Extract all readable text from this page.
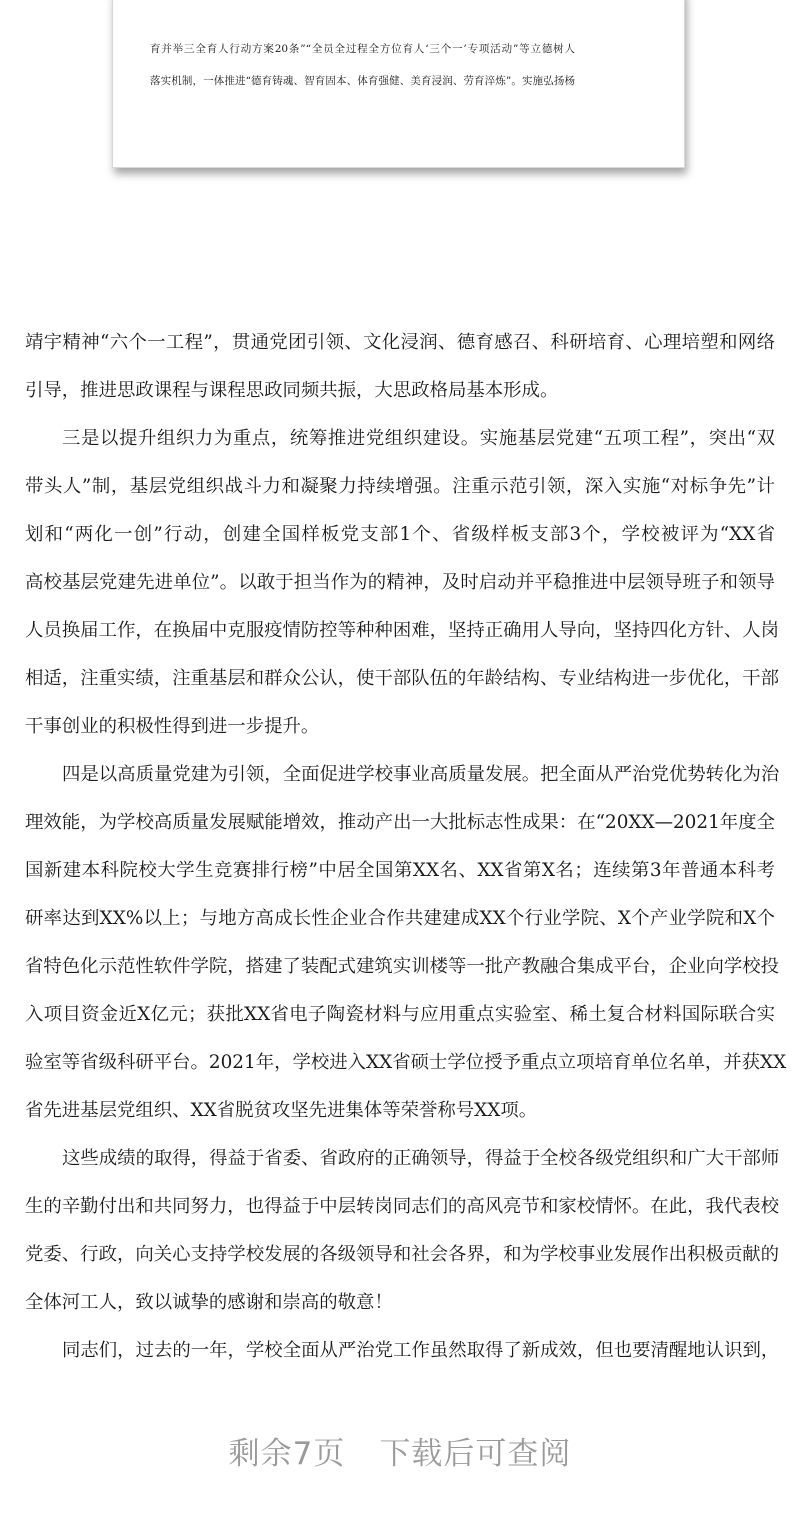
育并举三全育人行动方案20条”“全员全过程全方位育人‘三个一’专项活动”等立德树人
落实机制，一体推进“德育铸魂、智育固本、体育强健、美育浸润、劳育淬炼”。实施弘扬杨
靖宇精神“六个一工程”，贯通党团引领、文化浸润、德育感召、科研培育、心理培塑和网络
引导，推进思政课程与课程思政同频共振，大思政格局基本形成。
三是以提升组织力为重点，统筹推进党组织建设。实施基层党建“五项工程”，突出“双
带头人”制，基层党组织战斗力和凝聚力持续增强。注重示范引领，深入实施“对标争先”计
划和“两化一创”行动，创建全国样板党支部1个、省级样板支部3个，学校被评为“XX省
高校基层党建先进单位”。以敢于担当作为的精神，及时启动并平稳推进中层领导班子和领导
人员换届工作，在换届中克服疫情防控等种种困难，坚持正确用人导向，坚持四化方针、人岗
相适，注重实绩，注重基层和群众公认，使干部队伍的年龄结构、专业结构进一步优化，干部
干事创业的积极性得到进一步提升。
四是以高质量党建为引领，全面促进学校事业高质量发展。把全面从严治党优势转化为治
理效能，为学校高质量发展赋能增效，推动产出一大批标志性成果：在“20XX—2021年度全
国新建本科院校大学生竞赛排行榜”中居全国第XX名、XX省第X名；连续第3年普通本科考
研率达到XX%以上；与地方高成长性企业合作共建建成XX个行业学院、X个产业学院和X个
省特色化示范性软件学院，搭建了装配式建筑实训楼等一批产教融合集成平台，企业向学校投
入项目资金近X亿元；获批XX省电子陶瓷材料与应用重点实验室、稀土复合材料国际联合实
验室等省级科研平台。2021年，学校进入XX省硕士学位授予重点立项培育单位名单，并获XX
省先进基层党组织、XX省脱贫攻坚先进集体等荣誉称号XX项。
这些成绩的取得，得益于省委、省政府的正确领导，得益于全校各级党组织和广大干部师
生的辛勤付出和共同努力，也得益于中层转岗同志们的高风亮节和家校情怀。在此，我代表校
党委、行政，向关心支持学校发展的各级领导和社会各界，和为学校事业发展作出积极贡献的
全体河工人，致以诚挚的感谢和崇高的敬意！
同志们，过去的一年，学校全面从严治党工作虽然取得了新成效，但也要清醒地认识到，
剩余7页 下载后可查阅
